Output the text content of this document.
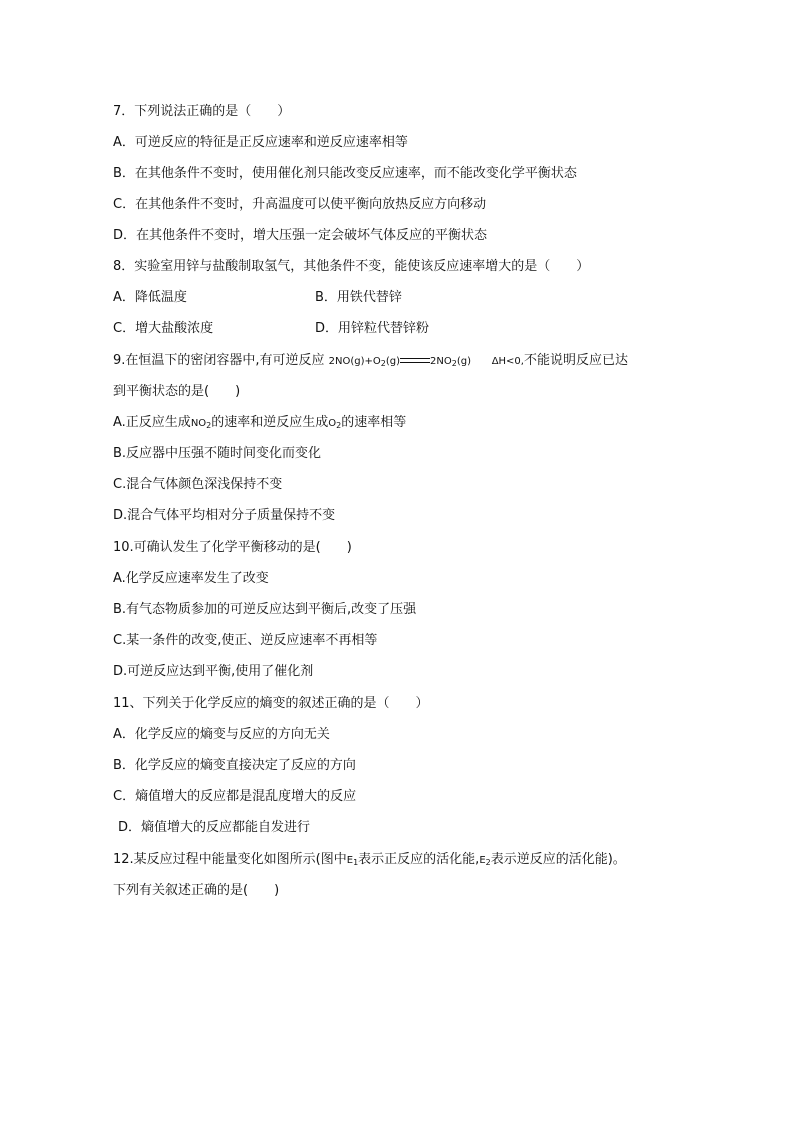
7．下列说法正确的是（　　）
A．可逆反应的特征是正反应速率和逆反应速率相等
B．在其他条件不变时，使用催化剂只能改变反应速率，而不能改变化学平衡状态
C．在其他条件不变时，升高温度可以使平衡向放热反应方向移动
D．在其他条件不变时，增大压强一定会破坏气体反应的平衡状态
8．实验室用锌与盐酸制取氢气，其他条件不变，能使该反应速率增大的是（　　）
A．降低温度	B．用铁代替锌
C．增大盐酸浓度	D．用锌粒代替锌粉
9.在恒温下的密闭容器中,有可逆反应 $2NO(g)+O_2(g)$	$2NO_2(g)$ ΔH<0,不能说明反应已达
到平衡状态的是(　　)
A.正反应生成$NO_2$的速率和逆反应生成$O_2$的速率相等
B.反应器中压强不随时间变化而变化
C.混合气体颜色深浅保持不变
D.混合气体平均相对分子质量保持不变
10.可确认发生了化学平衡移动的是(　　)
A.化学反应速率发生了改变
B.有气态物质参加的可逆反应达到平衡后,改变了压强
C.某一条件的改变,使正、逆反应速率不再相等
D.可逆反应达到平衡,使用了催化剂
11、下列关于化学反应的熵变的叙述正确的是（　　）
A．化学反应的熵变与反应的方向无关
B．化学反应的熵变直接决定了反应的方向
C．熵值增大的反应都是混乱度增大的反应
D．熵值增大的反应都能自发进行
12.某反应过程中能量变化如图所示(图中$E_1$表示正反应的活化能$,E_2$表示逆反应的活化能)。
下列有关叙述正确的是(　　)
